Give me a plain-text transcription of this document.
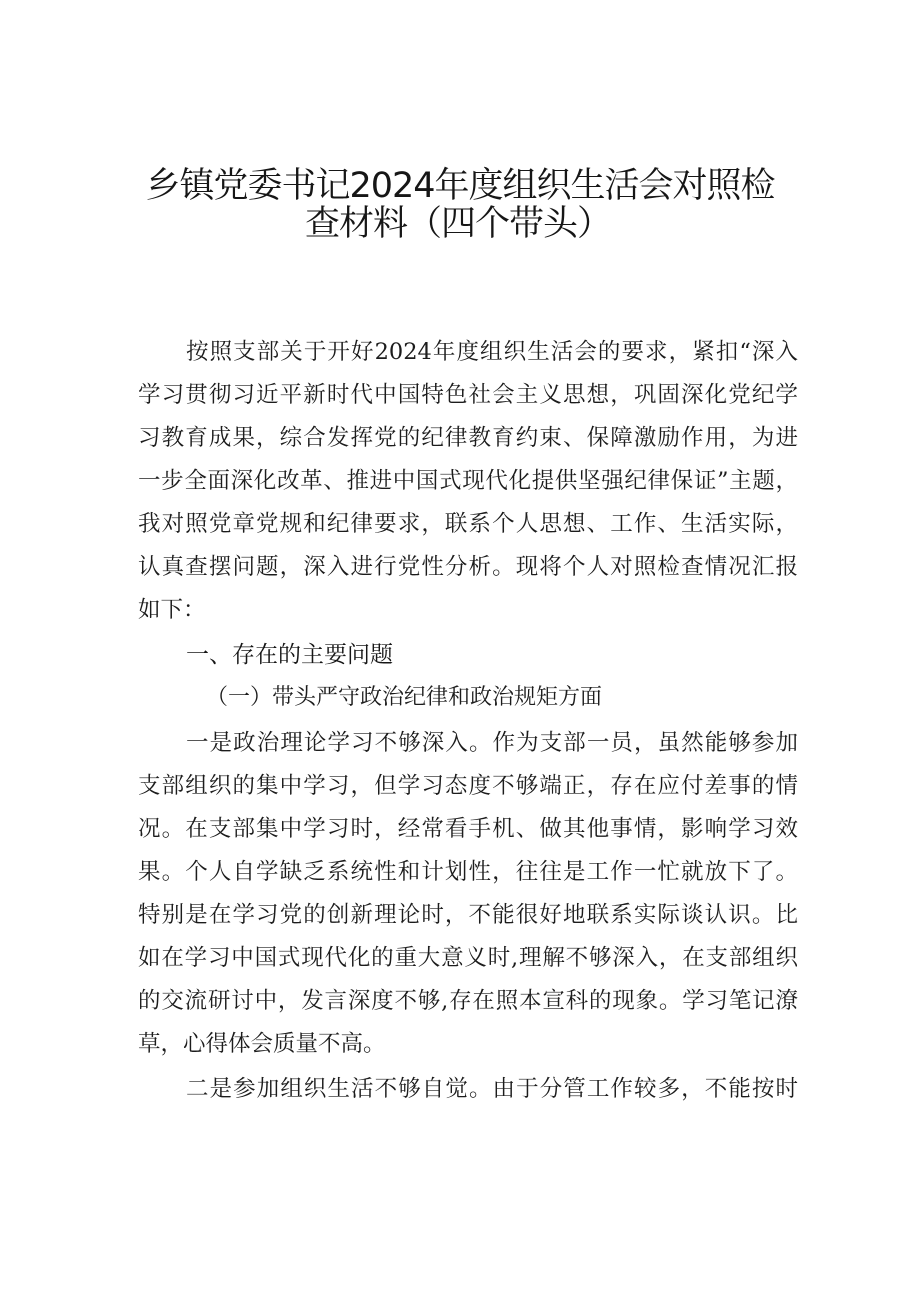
乡镇党委书记2024年度组织生活会对照检
查材料（四个带头）
按照支部关于开好2024年度组织生活会的要求，紧扣“深入
学习贯彻习近平新时代中国特色社会主义思想，巩固深化党纪学
习教育成果，综合发挥党的纪律教育约束、保障激励作用，为进
一步全面深化改革、推进中国式现代化提供坚强纪律保证”主题，
我对照党章党规和纪律要求，联系个人思想、工作、生活实际，
认真查摆问题，深入进行党性分析。现将个人对照检查情况汇报
如下：
一、存在的主要问题
（一）带头严守政治纪律和政治规矩方面
一是政治理论学习不够深入。作为支部一员，虽然能够参加
支部组织的集中学习，但学习态度不够端正，存在应付差事的情
况。在支部集中学习时，经常看手机、做其他事情，影响学习效
果。个人自学缺乏系统性和计划性，往往是工作一忙就放下了。
特别是在学习党的创新理论时，不能很好地联系实际谈认识。比
如在学习中国式现代化的重大意义时,理解不够深入，在支部组织
的交流研讨中，发言深度不够,存在照本宣科的现象。学习笔记潦
草，心得体会质量不高。
二是参加组织生活不够自觉。由于分管工作较多，不能按时
